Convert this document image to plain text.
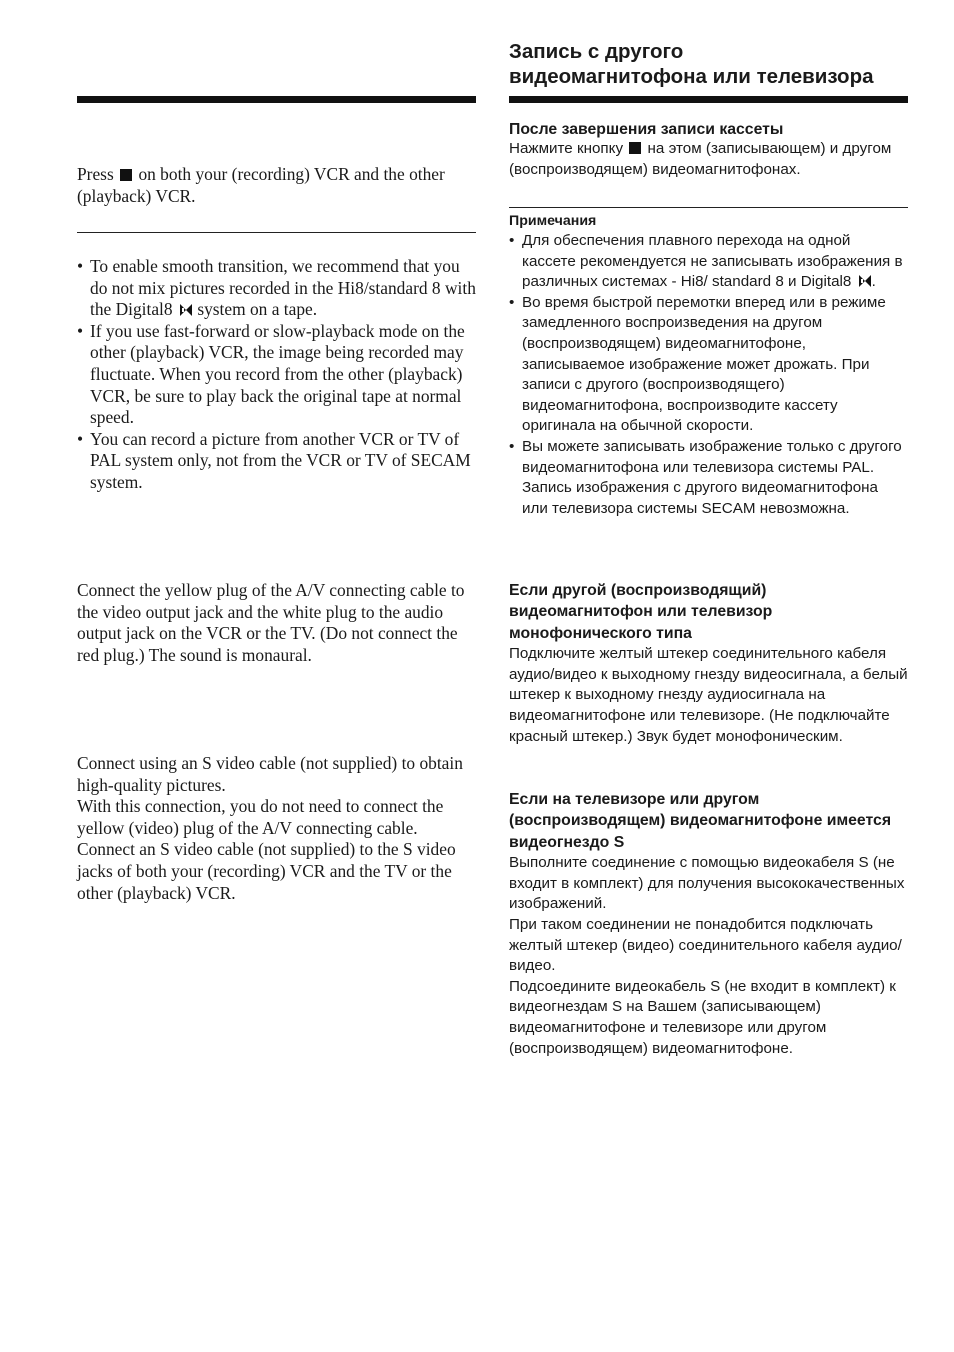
Press on both your (recording) VCR and the other (playback) VCR.

• To enable smooth transition, we recommend that you do not mix pictures recorded in the Hi8/standard 8 with the Digital8 system on a tape.
• If you use fast-forward or slow-playback mode on the other (playback) VCR, the image being recorded may fluctuate. When you record from the other (playback) VCR, be sure to play back the original tape at normal speed.
• You can record a picture from another VCR or TV of PAL system only, not from the VCR or TV of SECAM system.

Connect the yellow plug of the A/V connecting cable to the video output jack and the white plug to the audio output jack on the VCR or the TV. (Do not connect the red plug.) The sound is monaural.

Connect using an S video cable (not supplied) to obtain high-quality pictures.

With this connection, you do not need to connect the yellow (video) plug of the A/V connecting cable.

Connect an S video cable (not supplied) to the S video jacks of both your (recording) VCR and the TV or the other (playback) VCR.

Запись с другого
видеомагнитофона или телевизора

После завершения записи кассеты

Нажмите кнопку на этом (записывающем) и другом (воспроизводящем) видеомагнитофонах.

Примечания

• Для обеспечения плавного перехода на одной кассете рекомендуется не записывать изображения в различных системах - Hi8/ standard 8 и Digital8 .
• Во время быстрой перемотки вперед или в режиме замедленного воспроизведения на другом (воспроизводящем) видеомагнитофоне, записываемое изображение может дрожать. При записи с другого (воспроизводящего) видеомагнитофона, воспроизводите кассету оригинала на обычной скорости.
• Вы можете записывать изображение только с другого видеомагнитофона или телевизора системы PAL. Запись изображения с другого видеомагнитофона или телевизора системы SECAM невозможна.

Если другой (воспроизводящий) видеомагнитофон или телевизор монофонического типа

Подключите желтый штекер соединительного кабеля аудио/видео к выходному гнезду видеосигнала, а белый штекер к выходному гнезду аудиосигнала на видеомагнитофоне или телевизоре. (Не подключайте красный штекер.) Звук будет монофоническим.

Если на телевизоре или другом (воспроизводящем) видеомагнитофоне имеется видеогнездо S

Выполните соединение с помощью видеокабеля S (не входит в комплект) для получения высококачественных изображений.

При таком соединении не понадобится подключать желтый штекер (видео) соединительного кабеля аудио/видео.

Подсоедините видеокабель S (не входит в комплект) к видеогнездам S на Вашем (записывающем) видеомагнитофоне и телевизоре или другом (воспроизводящем) видеомагнитофоне.
